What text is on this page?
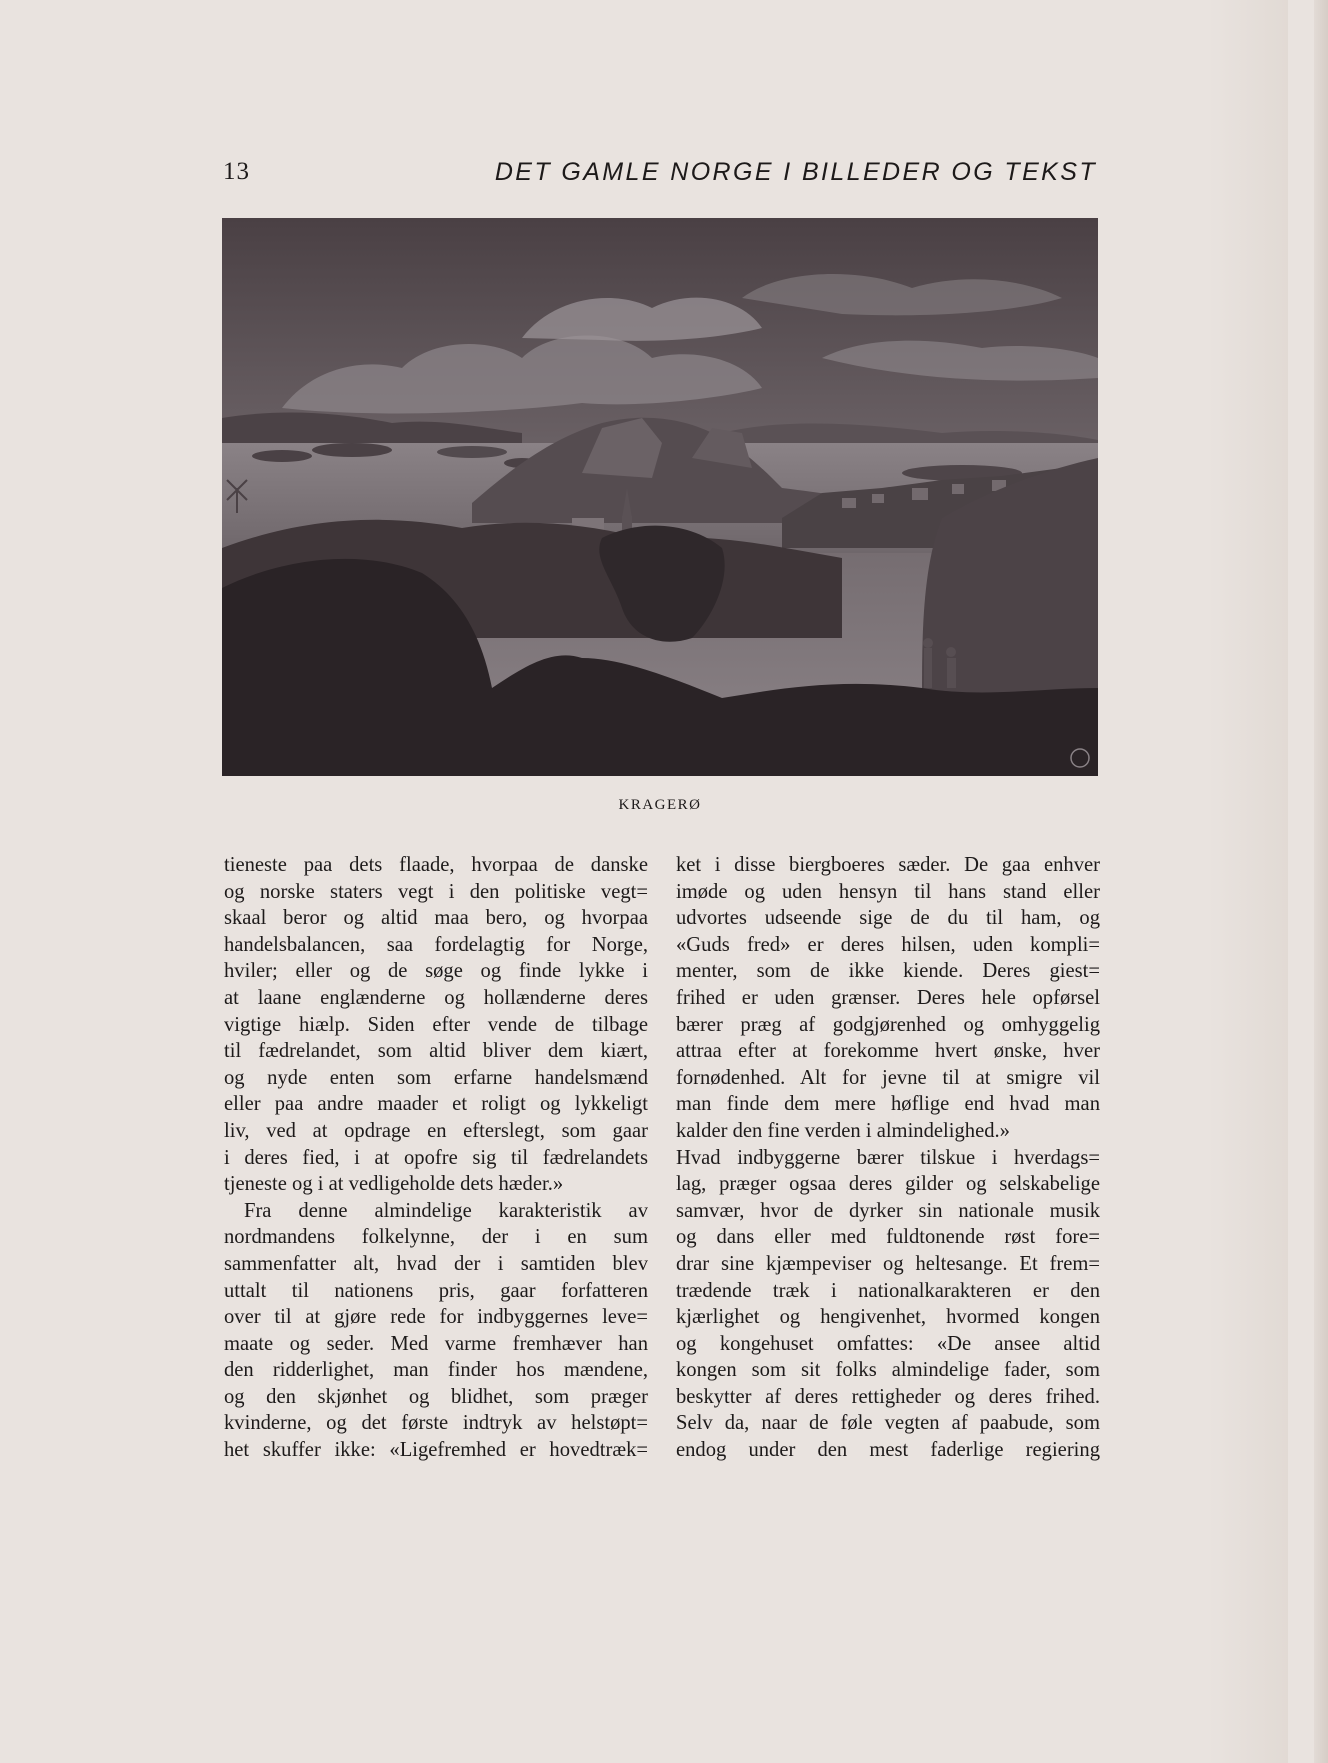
13	DET GAMLE NORGE I BILLEDER OG TEKST
KRAGERØ
tieneste paa dets flaade, hvorpaa de danske
og norske staters vegt i den politiske vegt=
skaal beror og altid maa bero, og hvorpaa
handelsbalancen, saa fordelagtig for Norge,
hviler; eller og de søge og finde lykke i
at laane englænderne og hollænderne deres
vigtige hiælp. Siden efter vende de tilbage
til fædrelandet, som altid bliver dem kiært,
og nyde enten som erfarne handelsmænd
eller paa andre maader et roligt og lykkeligt
liv, ved at opdrage en efterslegt, som gaar
i deres fied, i at opofre sig til fædrelandets
tjeneste og i at vedligeholde dets hæder.»
Fra denne almindelige karakteristik av
nordmandens folkelynne, der i en sum
sammenfatter alt, hvad der i samtiden blev
uttalt til nationens pris, gaar forfatteren
over til at gjøre rede for indbyggernes leve=
maate og seder. Med varme fremhæver han
den ridderlighet, man finder hos mændene,
og den skjønhet og blidhet, som præger
kvinderne, og det første indtryk av helstøpt=
het skuffer ikke: «Ligefremhed er hovedtræk=
ket i disse biergboeres sæder. De gaa enhver
imøde og uden hensyn til hans stand eller
udvortes udseende sige de du til ham, og
«Guds fred» er deres hilsen, uden kompli=
menter, som de ikke kiende. Deres giest=
frihed er uden grænser. Deres hele opførsel
bærer præg af godgjørenhed og omhyggelig
attraa efter at forekomme hvert ønske, hver
fornødenhed. Alt for jevne til at smigre vil
man finde dem mere høflige end hvad man
kalder den fine verden i almindelighed.»
Hvad indbyggerne bærer tilskue i hverdags=
lag, præger ogsaa deres gilder og selskabelige
samvær, hvor de dyrker sin nationale musik
og dans eller med fuldtonende røst fore=
drar sine kjæmpeviser og heltesange. Et frem=
trædende træk i nationalkarakteren er den
kjærlighet og hengivenhet, hvormed kongen
og kongehuset omfattes: «De ansee altid
kongen som sit folks almindelige fader, som
beskytter af deres rettigheder og deres frihed.
Selv da, naar de føle vegten af paabude, som
endog under den mest faderlige regiering
